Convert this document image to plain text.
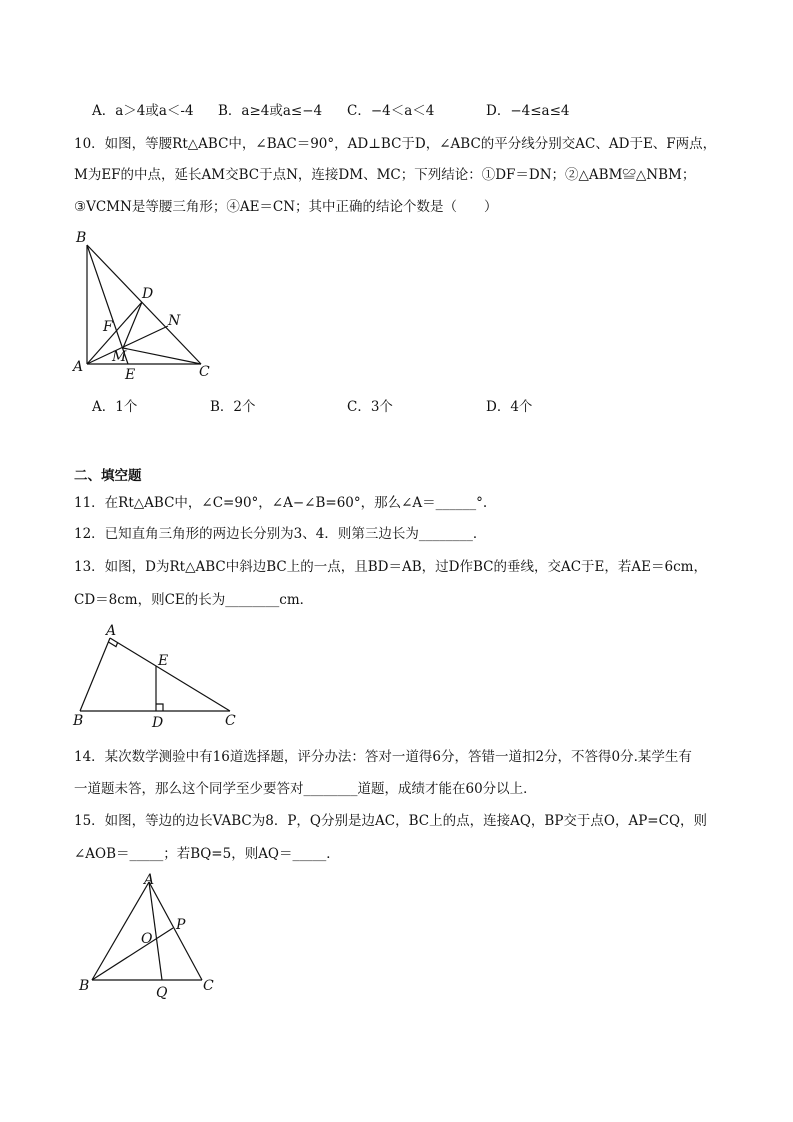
A．a＞4或a＜-4 B．a≥4或a≤−4 C．−4＜a＜4	D．−4≤a≤4
10．如图，等腰Rt△ABC中，∠BAC＝90°，AD⊥BC于D，∠ABC的平分线分别交AC、AD于E、F两点，
M为EF的中点，延长AM交BC于点N，连接DM、MC；下列结论：①DF＝DN；②△ABM≌△NBM；
③VCMN是等腰三角形；④AE＝CN；其中正确的结论个数是（　　）
B
D
N
F
M
A	E	C
A．1个	B．2个	C．3个	D．4个
二、填空题
11．在Rt△ABC中，∠C=90°，∠A−∠B=60°，那么∠A＝______°.
12．已知直角三角形的两边长分别为3、4．则第三边长为________．
13．如图，D为Rt△ABC中斜边BC上的一点，且BD＝AB，过D作BC的垂线，交AC于E，若AE＝6cm，
CD＝8cm，则CE的长为________cm．
A
E
B	D	C
14．某次数学测验中有16道选择题，评分办法：答对一道得6分，答错一道扣2分，不答得0分.某学生有
一道题未答，那么这个同学至少要答对________道题，成绩才能在60分以上．
15．如图，等边的边长VABC为8．P，Q分别是边AC，BC上的点，连接AQ，BP交于点O，AP=CQ，则
∠AOB＝_____；若BQ=5，则AQ＝_____．
A
P
O
B	Q	C
